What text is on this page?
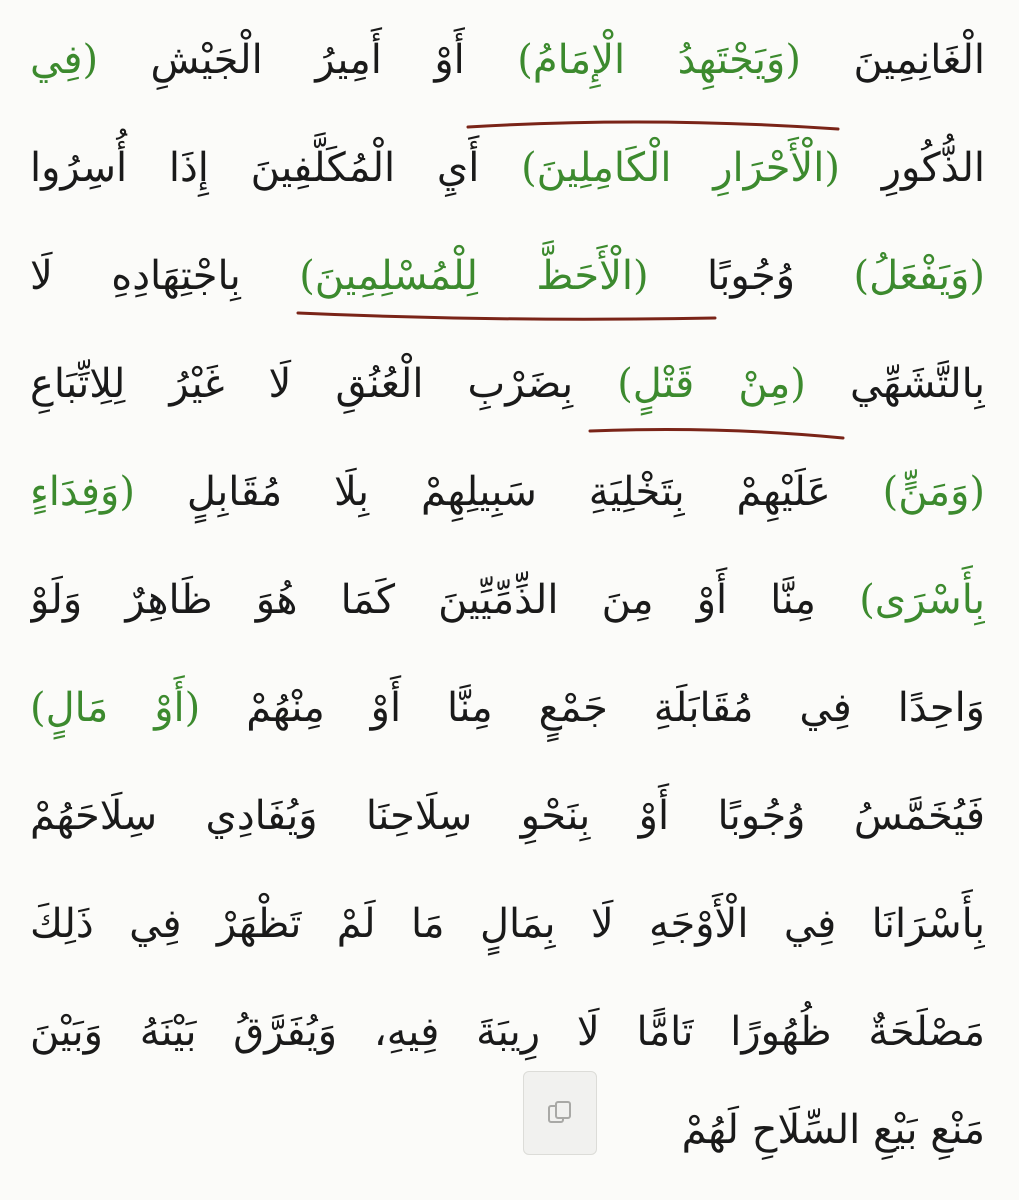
الْغَانِمِينَ (وَيَجْتَهِدُ الْإِمَامُ) أَوْ أَمِيرُ الْجَيْشِ (فِي
الذُّكُورِ (الْأَحْرَارِ الْكَامِلِينَ) أَيِ الْمُكَلَّفِينَ إِذَا أُسِرُوا
(وَيَفْعَلُ) وُجُوبًا (الْأَحَظَّ لِلْمُسْلِمِينَ) بِاجْتِهَادِهِ لَا
بِالتَّشَهِّي (مِنْ قَتْلٍ) بِضَرْبِ الْعُنُقِ لَا غَيْرُ لِلِاتِّبَاعِ
(وَمَنٍّ) عَلَيْهِمْ بِتَخْلِيَةِ سَبِيلِهِمْ بِلَا مُقَابِلٍ (وَفِدَاءٍ
بِأَسْرَى) مِنَّا أَوْ مِنَ الذِّمِّيِّينَ كَمَا هُوَ ظَاهِرٌ وَلَوْ
وَاحِدًا فِي مُقَابَلَةِ جَمْعٍ مِنَّا أَوْ مِنْهُمْ (أَوْ مَالٍ)
فَيُخَمَّسُ وُجُوبًا أَوْ بِنَحْوِ سِلَاحِنَا وَيُفَادِي سِلَاحَهُمْ
بِأَسْرَانَا فِي الْأَوْجَهِ لَا بِمَالٍ مَا لَمْ تَظْهَرْ فِي ذَلِكَ
مَصْلَحَةٌ ظُهُورًا تَامًّا لَا رِيبَةَ فِيهِ، وَيُفَرَّقُ بَيْنَهُ وَبَيْنَ
مَنْعِ بَيْعِ السِّلَاحِ لَهُمْ
